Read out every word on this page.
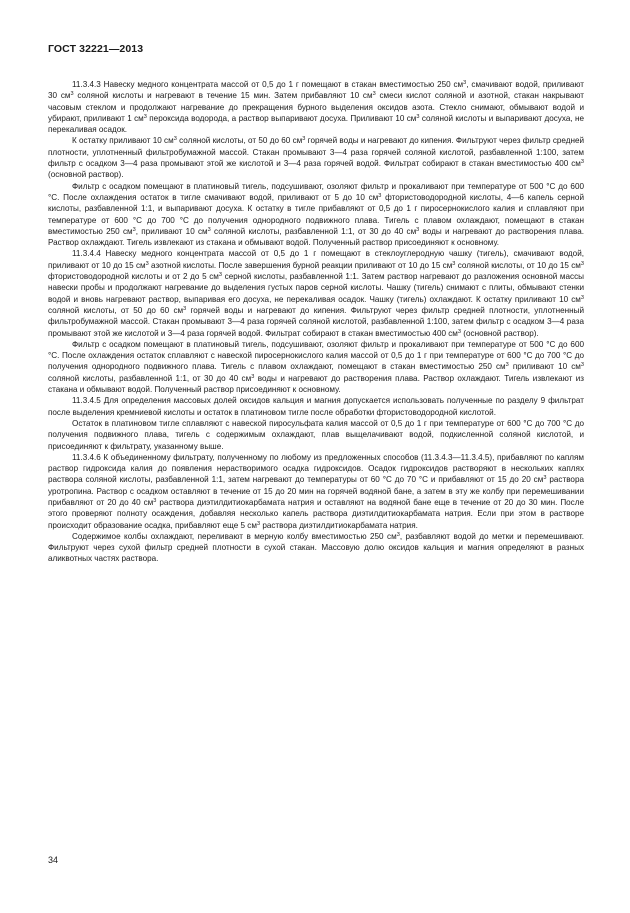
ГОСТ 32221—2013

11.3.4.3 Навеску медного концентрата массой от 0,5 до 1 г помещают в стакан вместимостью 250 $см^3$, смачивают водой, приливают 30 $см^3$ соляной кислоты и нагревают в течение 15 мин. Затем прибавляют 10 $см^3$ смеси кислот соляной и азотной, стакан накрывают часовым стеклом и продолжают нагревание до прекращения бурного выделения оксидов азота. Стекло снимают, обмывают водой и убирают, приливают 1 $см^3$ пероксида водорода, а раствор выпаривают досуха. Приливают 10 $см^3$ соляной кислоты и выпаривают досуха, не перекаливая осадок.

К остатку приливают 10 $см^3$ соляной кислоты, от 50 до 60 $см^3$ горячей воды и нагревают до кипения. Фильтруют через фильтр средней плотности, уплотненный фильтробумажной массой. Стакан промывают 3—4 раза горячей соляной кислотой, разбавленной 1:100, затем фильтр с осадком 3—4 раза промывают этой же кислотой и 3—4 раза горячей водой. Фильтрат собирают в стакан вместимостью 400 $см^3$ (основной раствор).

Фильтр с осадком помещают в платиновый тигель, подсушивают, озоляют фильтр и прокаливают при температуре от 500 °С до 600 °С. После охлаждения остаток в тигле смачивают водой, приливают от 5 до 10 $см^3$ фтористоводородной кислоты, 4—6 капель серной кислоты, разбавленной 1:1, и выпаривают досуха. К остатку в тигле прибавляют от 0,5 до 1 г пиросернокислого калия и сплавляют при температуре от 600 °С до 700 °С до получения однородного подвижного плава. Тигель с плавом охлаждают, помещают в стакан вместимостью 250 $см^3$, приливают 10 $см^3$ соляной кислоты, разбавленной 1:1, от 30 до 40 $см^3$ воды и нагревают до растворения плава. Раствор охлаждают. Тигель извлекают из стакана и обмывают водой. Полученный раствор присоединяют к основному.

11.3.4.4 Навеску медного концентрата массой от 0,5 до 1 г помещают в стеклоуглеродную чашку (тигель), смачивают водой, приливают от 10 до 15 $см^3$ азотной кислоты. После завершения бурной реакции приливают от 10 до 15 $см^3$ соляной кислоты, от 10 до 15 $см^3$ фтористоводородной кислоты и от 2 до 5 $см^3$ серной кислоты, разбавленной 1:1. Затем раствор нагревают до разложения основной массы навески пробы и продолжают нагревание до выделения густых паров серной кислоты. Чашку (тигель) снимают с плиты, обмывают стенки водой и вновь нагревают раствор, выпаривая его досуха, не перекаливая осадок. Чашку (тигель) охлаждают. К остатку приливают 10 $см^3$ соляной кислоты, от 50 до 60 $см^3$ горячей воды и нагревают до кипения. Фильтруют через фильтр средней плотности, уплотненный фильтробумажной массой. Стакан промывают 3—4 раза горячей соляной кислотой, разбавленной 1:100, затем фильтр с осадком 3—4 раза промывают этой же кислотой и 3—4 раза горячей водой. Фильтрат собирают в стакан вместимостью 400 $см^3$ (основной раствор).

Фильтр с осадком помещают в платиновый тигель, подсушивают, озоляют фильтр и прокаливают при температуре от 500 °С до 600 °С. После охлаждения остаток сплавляют с навеской пиросернокислого калия массой от 0,5 до 1 г при температуре от 600 °С до 700 °С до получения однородного подвижного плава. Тигель с плавом охлаждают, помещают в стакан вместимостью 250 $см^3$ приливают 10 $см^3$ соляной кислоты, разбавленной 1:1, от 30 до 40 $см^3$ воды и нагревают до растворения плава. Раствор охлаждают. Тигель извлекают из стакана и обмывают водой. Полученный раствор присоединяют к основному.

11.3.4.5 Для определения массовых долей оксидов кальция и магния допускается использовать полученные по разделу 9 фильтрат после выделения кремниевой кислоты и остаток в платиновом тигле после обработки фтористоводородной кислотой.

Остаток в платиновом тигле сплавляют с навеской пиросульфата калия массой от 0,5 до 1 г при температуре от 600 °С до 700 °С до получения подвижного плава, тигель с содержимым охлаждают, плав выщелачивают водой, подкисленной соляной кислотой, и присоединяют к фильтрату, указанному выше.

11.3.4.6 К объединенному фильтрату, полученному по любому из предложенных способов (11.3.4.3—11.3.4.5), прибавляют по каплям раствор гидроксида калия до появления нерастворимого осадка гидроксидов. Осадок гидроксидов растворяют в нескольких каплях раствора соляной кислоты, разбавленной 1:1, затем нагревают до температуры от 60 °С до 70 °С и прибавляют от 15 до 20 $см^3$ раствора уротропина. Раствор с осадком оставляют в течение от 15 до 20 мин на горячей водяной бане, а затем в эту же колбу при перемешивании прибавляют от 20 до 40 $см^3$ раствора диэтилдитиокарбамата натрия и оставляют на водяной бане еще в течение от 20 до 30 мин. После этого проверяют полноту осаждения, добавляя несколько капель раствора диэтилдитиокарбамата натрия. Если при этом в растворе происходит образование осадка, прибавляют еще 5 $см^3$ раствора диэтилдитиокарбамата натрия.

Содержимое колбы охлаждают, переливают в мерную колбу вместимостью 250 $см^3$, разбавляют водой до метки и перемешивают. Фильтруют через сухой фильтр средней плотности в сухой стакан. Массовую долю оксидов кальция и магния определяют в разных аликвотных частях раствора.

34
